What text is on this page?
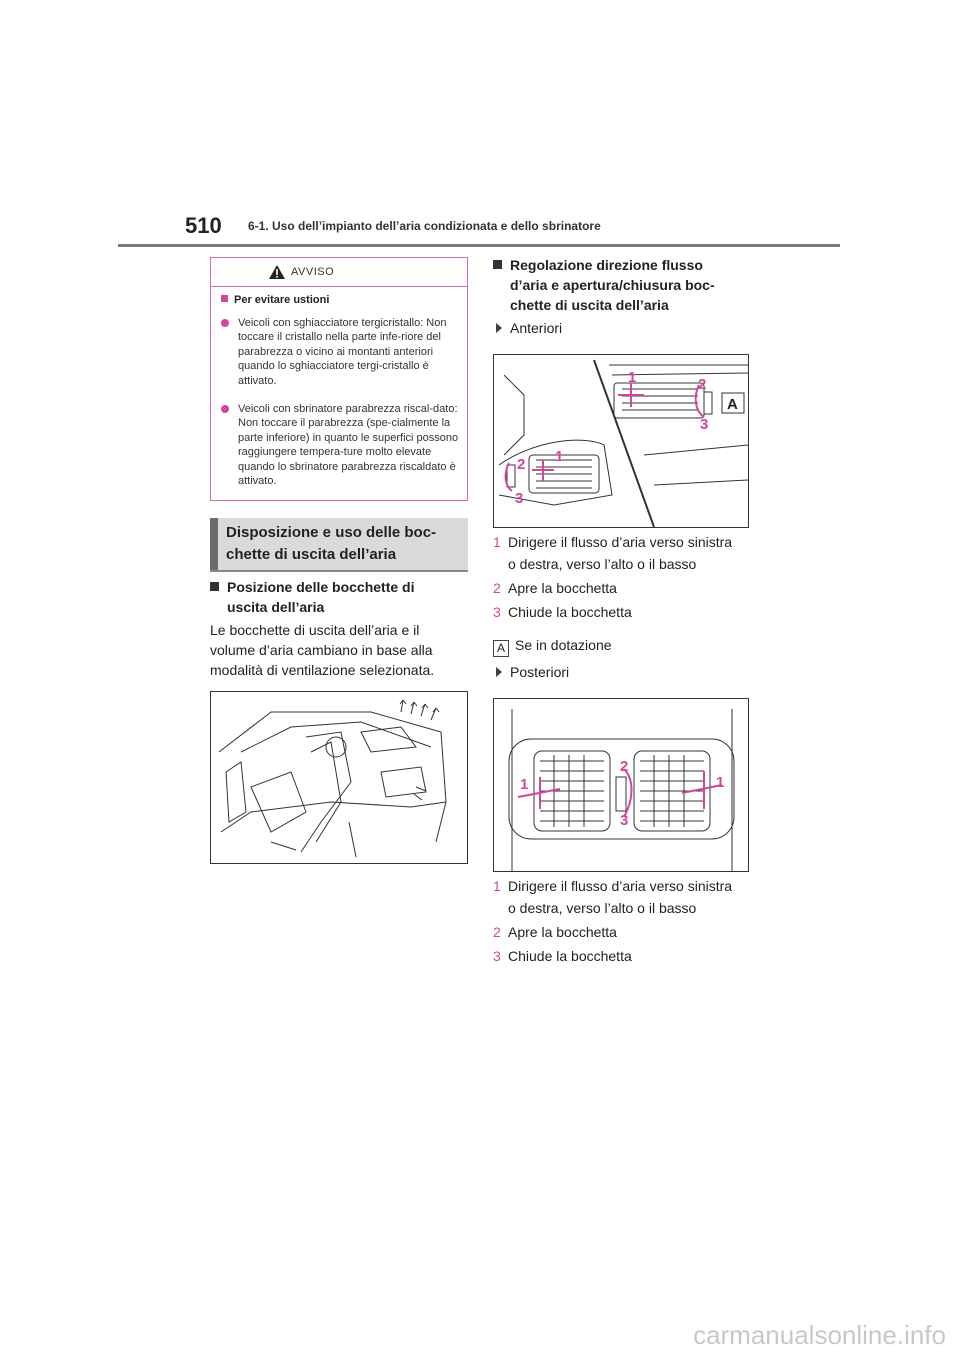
510 6-1. Uso dell’impianto dell’aria condizionata e dello sbrinatore
AVVISO
Per evitare ustioni
Veicoli con sghiacciatore tergicristallo: Non toccare il cristallo nella parte infe-riore del parabrezza o vicino ai montanti anteriori quando lo sghiacciatore tergi-cristallo è attivato.
Veicoli con sbrinatore parabrezza riscal-dato: Non toccare il parabrezza (spe-cialmente la parte inferiore) in quanto le superfici possono raggiungere tempera-ture molto elevate quando lo sbrinatore parabrezza riscaldato è attivato.
Disposizione e uso delle boc-
chette di uscita dell’aria
Posizione delle bocchette di
uscita dell’aria
Le bocchette di uscita dell’aria e il
volume d’aria cambiano in base alla
modalità di ventilazione selezionata.
Regolazione direzione flusso
d’aria e apertura/chiusura boc-
chette di uscita dell’aria
Anteriori
1	2
3
1
2
3
A
1 Dirigere il flusso d’aria verso sinistra
o destra, verso l’alto o il basso
2 Apre la bocchetta
3 Chiude la bocchetta
A Se in dotazione
Posteriori
1
2
3
1
1 Dirigere il flusso d’aria verso sinistra
o destra, verso l’alto o il basso
2 Apre la bocchetta
3 Chiude la bocchetta
carmanualsonline.info
